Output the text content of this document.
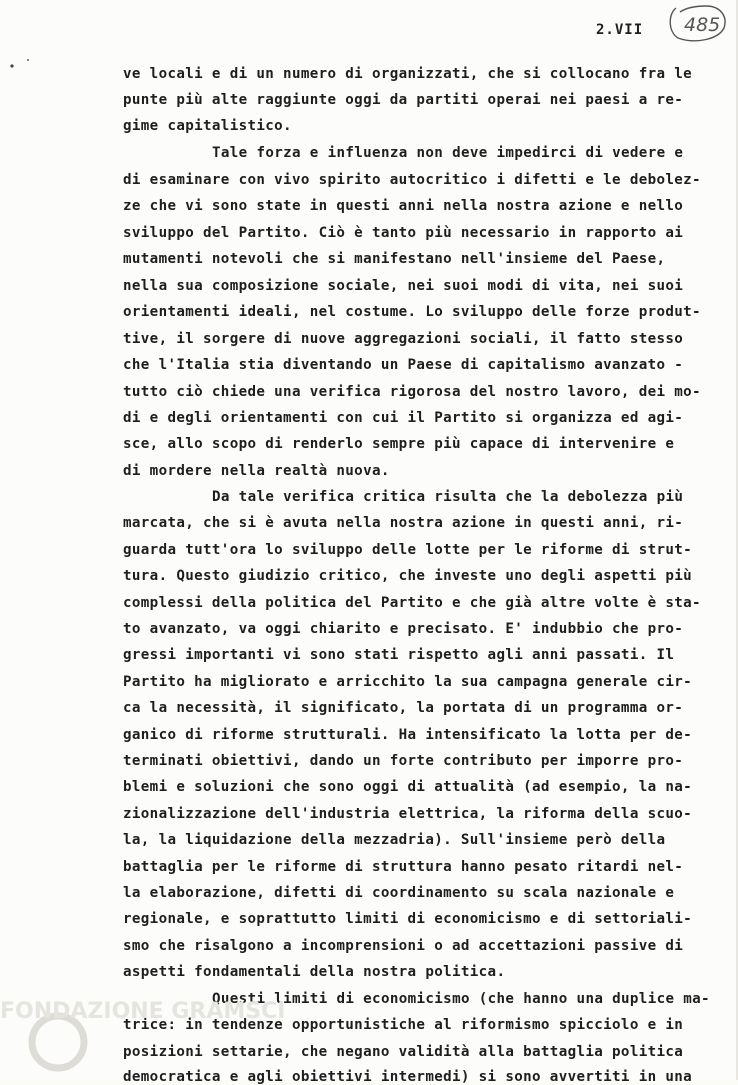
2.VII 485
ve locali e di un numero di organizzati, che si collocano fra le
punte più alte raggiunte oggi da partiti operai nei paesi a re-
gime capitalistico.
Tale forza e influenza non deve impedirci di vedere e
di esaminare con vivo spirito autocritico i difetti e le debolez-
ze che vi sono state in questi anni nella nostra azione e nello
sviluppo del Partito. Ciò è tanto più necessario in rapporto ai
mutamenti notevoli che si manifestano nell'insieme del Paese,
nella sua composizione sociale, nei suoi modi di vita, nei suoi
orientamenti ideali, nel costume. Lo sviluppo delle forze produt-
tive, il sorgere di nuove aggregazioni sociali, il fatto stesso
che l'Italia stia diventando un Paese di capitalismo avanzato -
tutto ciò chiede una verifica rigorosa del nostro lavoro, dei mo-
di e degli orientamenti con cui il Partito si organizza ed agi-
sce, allo scopo di renderlo sempre più capace di intervenire e
di mordere nella realtà nuova.
Da tale verifica critica risulta che la debolezza più
marcata, che si è avuta nella nostra azione in questi anni, ri-
guarda tutt'ora lo sviluppo delle lotte per le riforme di strut-
tura. Questo giudizio critico, che investe uno degli aspetti più
complessi della politica del Partito e che già altre volte è sta-
to avanzato, va oggi chiarito e precisato. E' indubbio che pro-
gressi importanti vi sono stati rispetto agli anni passati. Il
Partito ha migliorato e arricchito la sua campagna generale cir-
ca la necessità, il significato, la portata di un programma or-
ganico di riforme strutturali. Ha intensificato la lotta per de-
terminati obiettivi, dando un forte contributo per imporre pro-
blemi e soluzioni che sono oggi di attualità (ad esempio, la na-
zionalizzazione dell'industria elettrica, la riforma della scuo-
la, la liquidazione della mezzadria). Sull'insieme però della
battaglia per le riforme di struttura hanno pesato ritardi nel-
la elaborazione, difetti di coordinamento su scala nazionale e
regionale, e soprattutto limiti di economicismo e di settoriali-
smo che risalgono a incomprensioni o ad accettazioni passive di
aspetti fondamentali della nostra politica.
Questi limiti di economicismo (che hanno una duplice ma-
trice: in tendenze opportunistiche al riformismo spicciolo e in
posizioni settarie, che negano validità alla battaglia politica
democratica e agli obiettivi intermedi) si sono avvertiti in una
FONDAZIONE GRAMSCI
